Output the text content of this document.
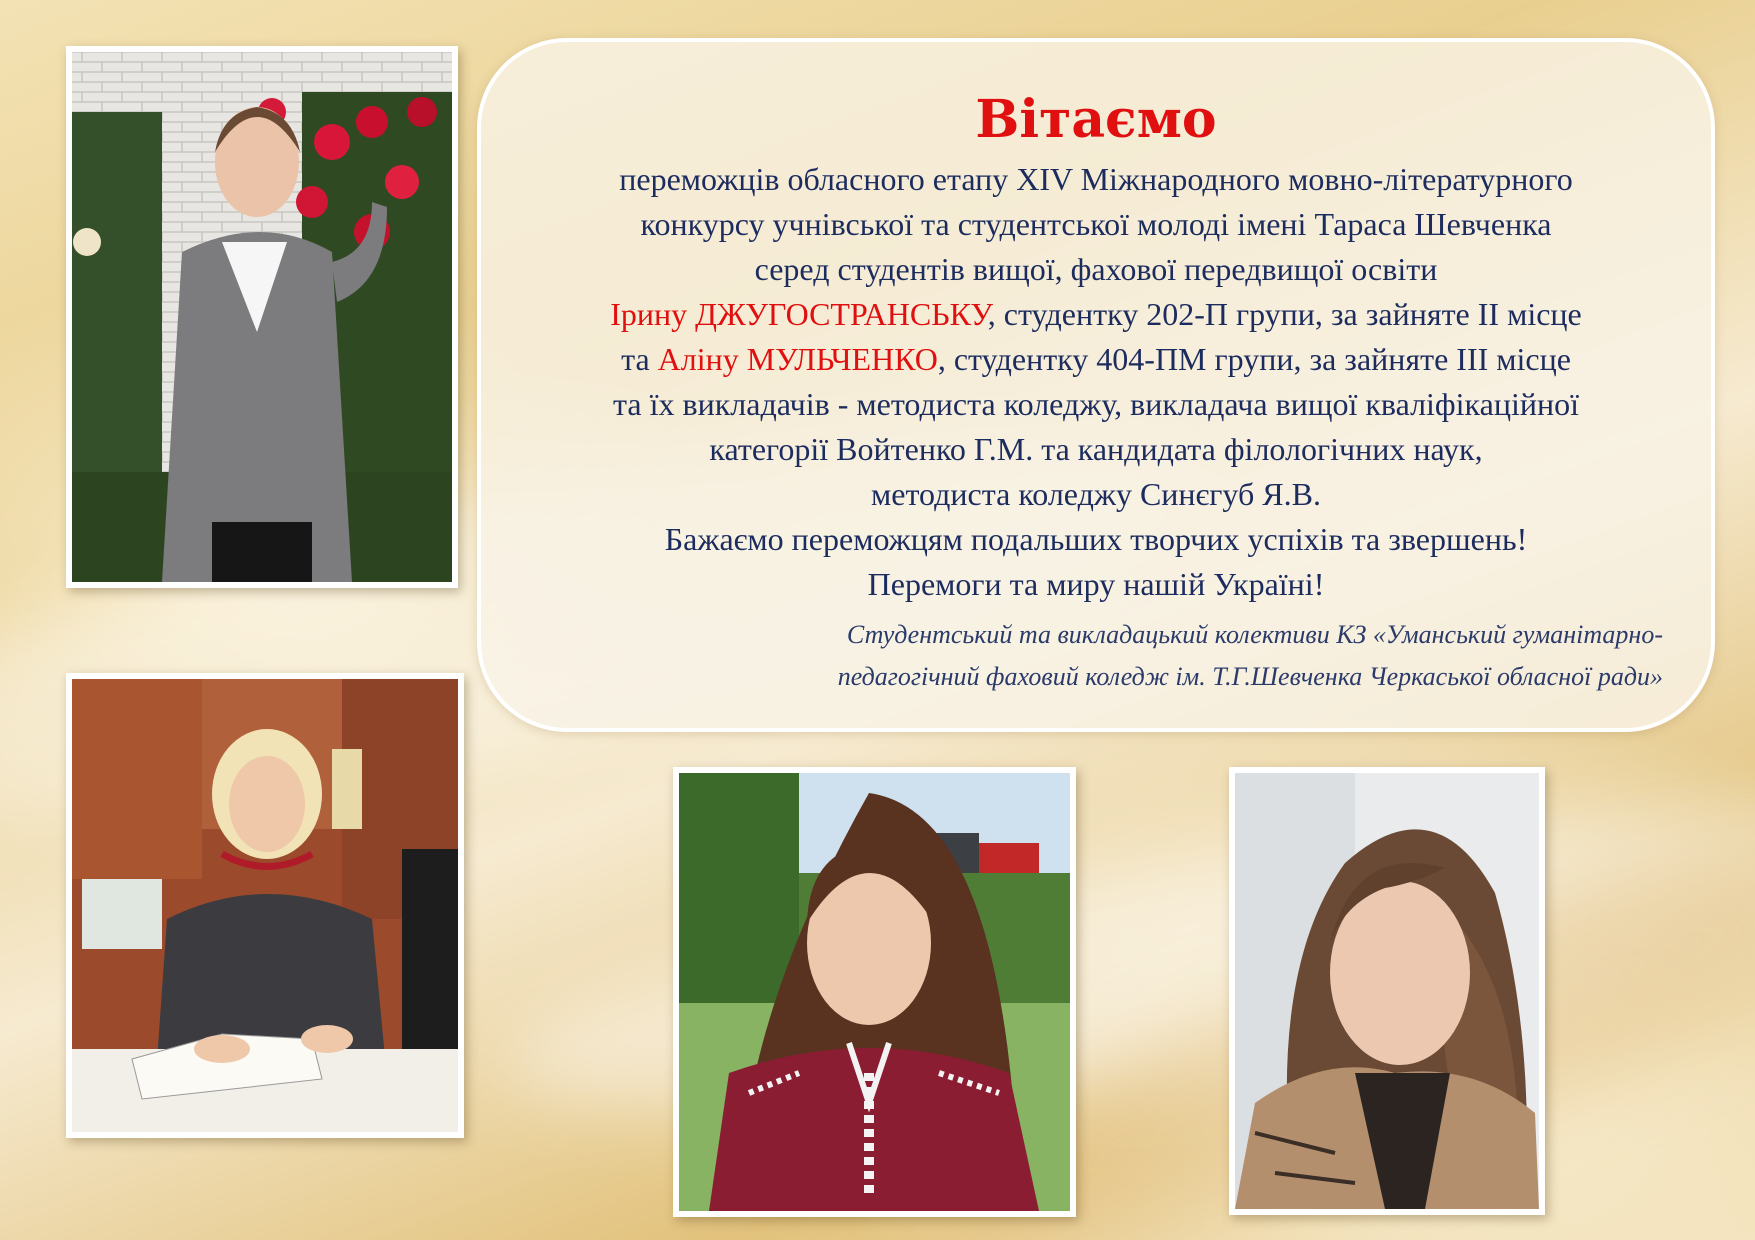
Вітаємо
переможців обласного етапу XIV Міжнародного мовно-літературного
конкурсу учнівської та студентської молоді імені Тараса Шевченка
серед студентів вищої, фахової передвищої освіти
Ірину ДЖУГОСТРАНСЬКУ, студентку 202-П групи, за зайняте ІІ місце
та Аліну МУЛЬЧЕНКО, студентку 404-ПМ групи, за зайняте ІІІ місце
та їх викладачів - методиста коледжу, викладача вищої кваліфікаційної
категорії Войтенко Г.М. та кандидата філологічних наук,
методиста коледжу Синєгуб Я.В.
Бажаємо переможцям подальших творчих успіхів та звершень!
Перемоги та миру нашій Україні!
Студентський та викладацький колективи КЗ «Уманський гуманітарно-
педагогічний фаховий коледж ім. Т.Г.Шевченка Черкаської обласної ради»
